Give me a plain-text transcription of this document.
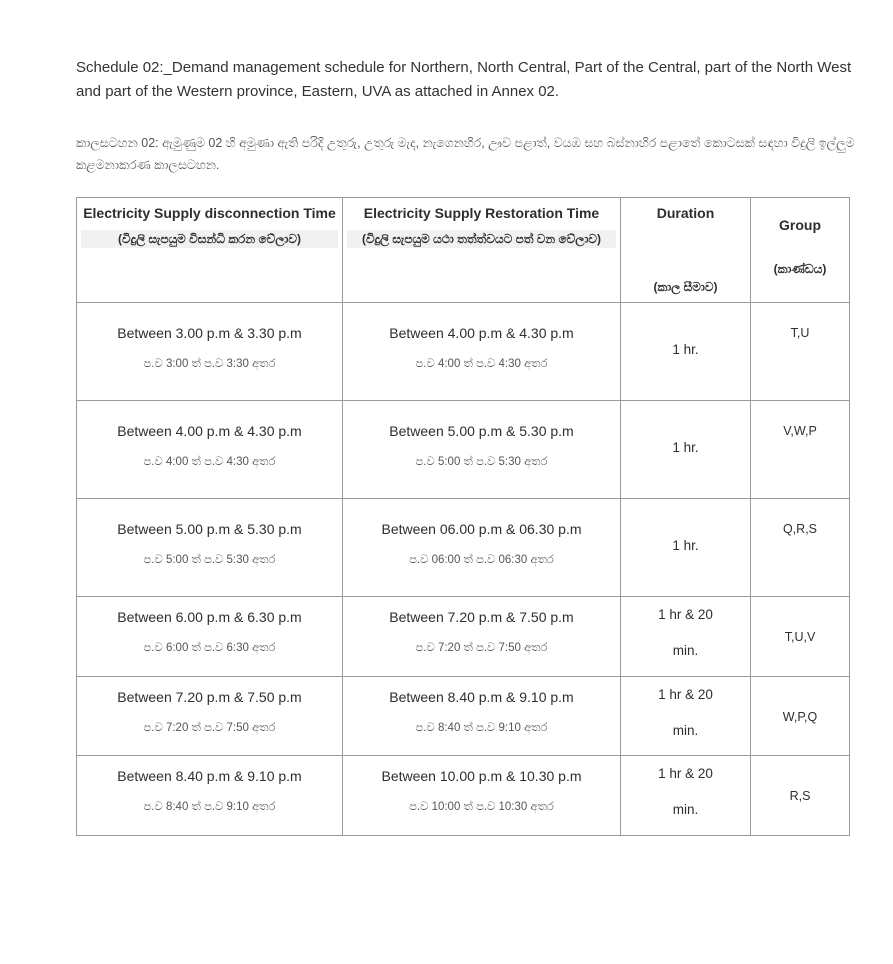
Schedule 02:_Demand management schedule for Northern, North Central, Part of the Central, part of the North West and part of the Western province, Eastern, UVA as attached in Annex 02.
කාලසටහන 02: ඇමුණුම 02 හි අමුණා ඇති පරිදි උතුරු, උතුරු මැද, නැගෙනහිර, ඌව පළාත්, වයඹ සහ බස්නාහිර පළාතේ කොටසක් සඳහා විදුලි ඉල්ලුම කළමනාකරණ කාලසටහන.
Electricity Supply disconnection Time
(විදුලි සැපයුම විසන්ධි කරන වේලාව)	Electricity Supply Restoration Time
(විදුලි සැපයුම යථා තත්ත්වයට පත් වන වේලාව)	Duration
(කාල සීමාව)	Group
(කාණ්ඩය)

Between 3.00 p.m & 3.30 p.m
ප.ව 3:00 ත් ප.ව 3:30 අතර	Between 4.00 p.m & 4.30 p.m
ප.ව 4:00 ත් ප.ව 4:30 අතර	1 hr.	T,U

Between 4.00 p.m & 4.30 p.m
ප.ව 4:00 ත් ප.ව 4:30 අතර	Between 5.00 p.m & 5.30 p.m
ප.ව 5:00 ත් ප.ව 5:30 අතර	1 hr.	V,W,P

Between 5.00 p.m & 5.30 p.m
ප.ව 5:00 ත් ප.ව 5:30 අතර	Between 06.00 p.m & 06.30 p.m
ප.ව 06:00 ත් ප.ව 06:30 අතර	1 hr.	Q,R,S

Between 6.00 p.m & 6.30 p.m
ප.ව 6:00 ත් ප.ව 6:30 අතර	Between 7.20 p.m & 7.50 p.m
ප.ව 7:20 ත් ප.ව 7:50 අතර	1 hr & 20
min.	T,U,V

Between 7.20 p.m & 7.50 p.m
ප.ව 7:20 ත් ප.ව 7:50 අතර	Between 8.40 p.m & 9.10 p.m
ප.ව 8:40 ත් ප.ව 9:10 අතර	1 hr & 20
min.	W,P,Q

Between 8.40 p.m & 9.10 p.m
ප.ව 8:40 ත් ප.ව 9:10 අතර	Between 10.00 p.m & 10.30 p.m
ප.ව 10:00 ත් ප.ව 10:30 අතර	1 hr & 20
min.	R,S
